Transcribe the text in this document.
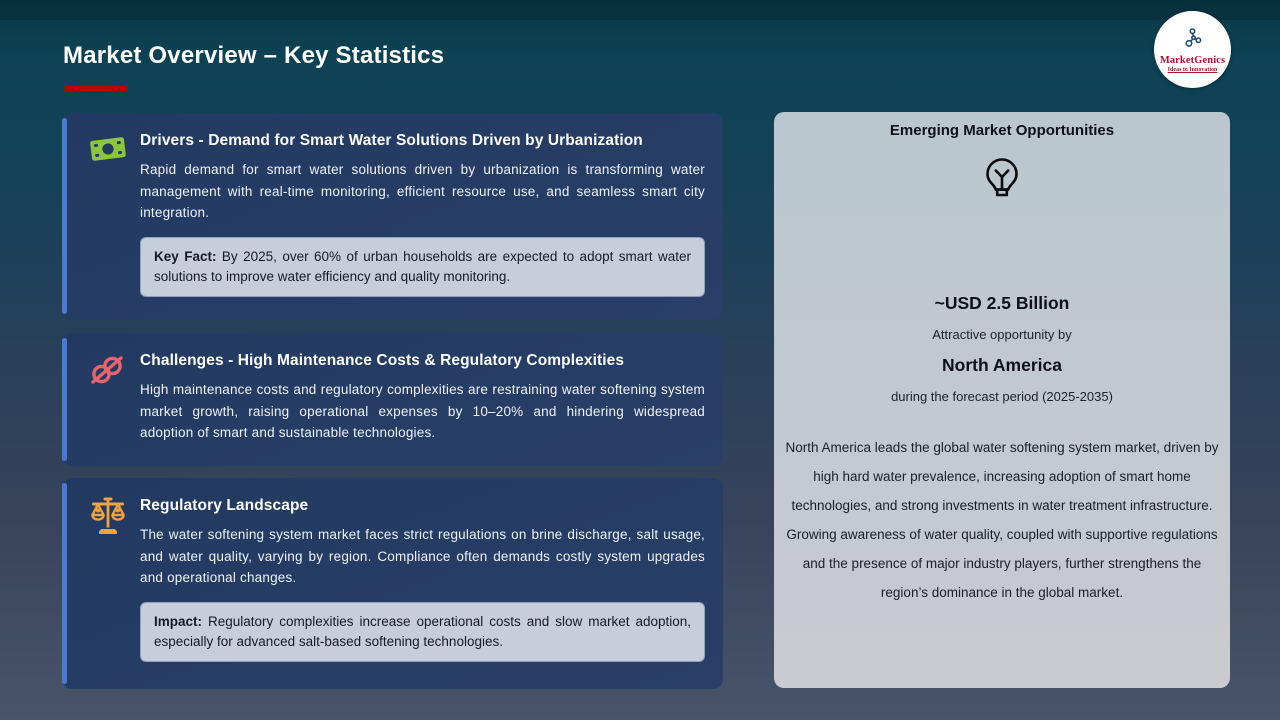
Market Overview – Key Statistics	MarketGenics
Ideas to Innovation
Drivers - Demand for Smart Water Solutions Driven by Urbanization
Rapid demand for smart water solutions driven by urbanization is transforming water management with real-time monitoring, efficient resource use, and seamless smart city integration.
Key Fact: By 2025, over 60% of urban households are expected to adopt smart water solutions to improve water efficiency and quality monitoring.
Challenges - High Maintenance Costs & Regulatory Complexities
High maintenance costs and regulatory complexities are restraining water softening system market growth, raising operational expenses by 10–20% and hindering widespread adoption of smart and sustainable technologies.
Regulatory Landscape
The water softening system market faces strict regulations on brine discharge, salt usage, and water quality, varying by region. Compliance often demands costly system upgrades and operational changes.
Impact: Regulatory complexities increase operational costs and slow market adoption, especially for advanced salt-based softening technologies.
Emerging Market Opportunities
~USD 2.5 Billion
Attractive opportunity by
North America
during the forecast period (2025-2035)
North America leads the global water softening system market, driven by high hard water prevalence, increasing adoption of smart home technologies, and strong investments in water treatment infrastructure. Growing awareness of water quality, coupled with supportive regulations and the presence of major industry players, further strengthens the region’s dominance in the global market.
